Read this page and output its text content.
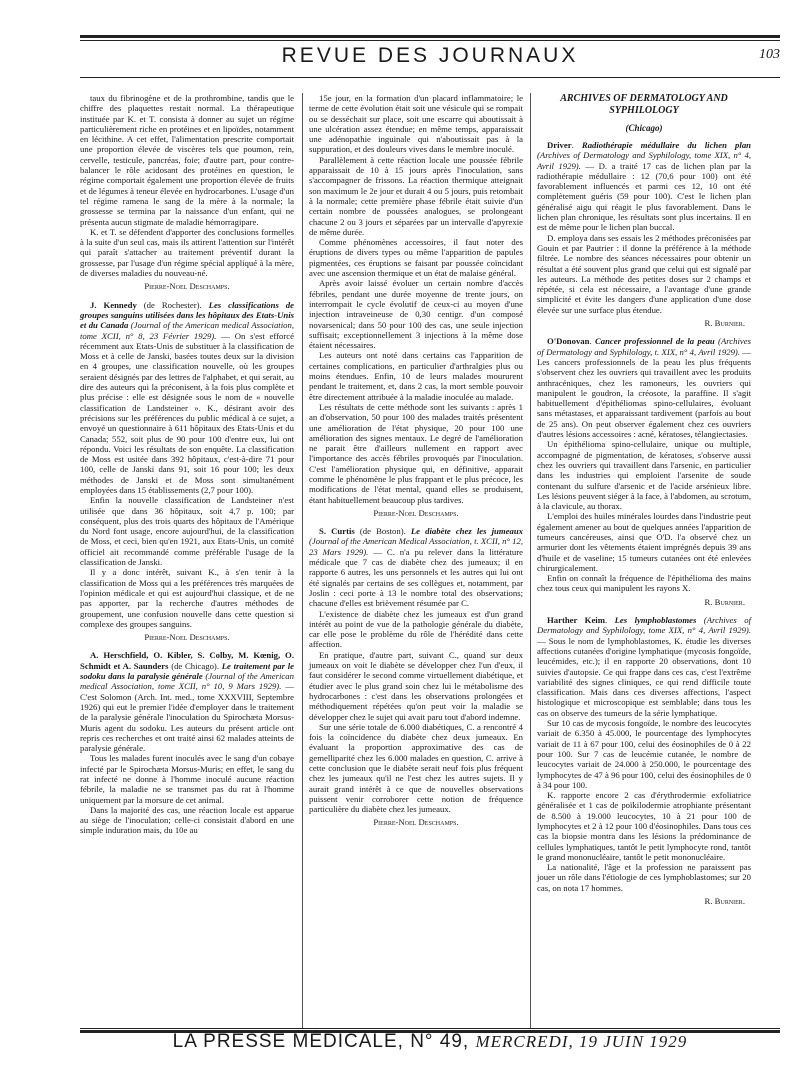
REVUE DES JOURNAUX	103

taux du fibrinogène et de la prothrombine, tandis que le chiffre des plaquettes restait normal. La thérapeutique instituée par K. et T. consista à donner au sujet un régime particulièrement riche en protéines et en lipoïdes, notamment en lécithine. A cet effet, l'alimentation prescrite comportait une proportion élevée de viscères tels que poumon, rein, cervelle, testicule, pancréas, foie; d'autre part, pour contre-balancer le rôle acidosant des protéines en question, le régime comportait également une proportion élevée de fruits et de légumes à teneur élevée en hydrocarbones. L'usage d'un tel régime ramena le sang de la mère à la normale; la grossesse se termina par la naissance d'un enfant, qui ne présenta aucun stigmate de maladie hémorragipare.

K. et T. se défendent d'apporter des conclusions formelles à la suite d'un seul cas, mais ils attirent l'attention sur l'intérêt qui paraît s'attacher au traitement préventif durant la grossesse, par l'usage d'un régime spécial appliqué à la mère, de diverses maladies du nouveau-né.

Pierre-Noel Deschamps.

J. Kennedy (de Rochester). Les classifications de groupes sanguins utilisées dans les hôpitaux des Etats-Unis et du Canada (Journal of the American medical Association, tome XCII, n° 8, 23 Février 1929). — On s'est efforcé récemment aux Etats-Unis de substituer à la classification de Moss et à celle de Janski, basées toutes deux sur la division en 4 groupes, une classification nouvelle, où les groupes seraient désignés par des lettres de l'alphabet, et qui serait, au dire des auteurs qui la préconisent, à la fois plus complète et plus précise : elle est désignée sous le nom de « nouvelle classification de Landsteiner ». K., désirant avoir des précisions sur les préférences du public médical à ce sujet, a envoyé un questionnaire à 611 hôpitaux des Etats-Unis et du Canada; 552, soit plus de 90 pour 100 d'entre eux, lui ont répondu. Voici les résultats de son enquête. La classification de Moss est usitée dans 392 hôpitaux, c'est-à-dire 71 pour 100, celle de Janski dans 91, soit 16 pour 100; les deux méthodes de Janski et de Moss sont simultanément employées dans 15 établissements (2,7 pour 100).

Enfin la nouvelle classification de Landsteiner n'est utilisée que dans 36 hôpitaux, soit 4,7 p. 100; par conséquent, plus des trois quarts des hôpitaux de l'Amérique du Nord font usage, encore aujourd'hui, de la classification de Moss, et ceci, bien qu'en 1921, aux Etats-Unis, un comité officiel ait recommandé comme préférable l'usage de la classification de Janski.

Il y a donc intérêt, suivant K., à s'en tenir à la classification de Moss qui a les préférences très marquées de l'opinion médicale et qui est aujourd'hui classique, et de ne pas apporter, par la recherche d'autres méthodes de groupement, une confusion nouvelle dans cette question si complexe des groupes sanguins.

Pierre-Noel Deschamps.

A. Herschfield, O. Kibler, S. Colby, M. Kœnig, O. Schmidt et A. Saunders (de Chicago). Le traitement par le sodoku dans la paralysie générale (Journal of the American medical Association, tome XCII, n° 10, 9 Mars 1929). — C'est Solomon (Arch. Int. med., tome XXXVIII, Septembre 1926) qui eut le premier l'idée d'employer dans le traitement de la paralysie générale l'inoculation du Spirochæta Morsus-Muris agent du sodoku. Les auteurs du présent article ont repris ces recherches et ont traité ainsi 62 malades atteints de paralysie générale.

Tous les malades furent inoculés avec le sang d'un cobaye infecté par le Spirochæta Morsus-Muris; en effet, le sang du rat infecté ne donne à l'homme inoculé aucune réaction fébrile, la maladie ne se transmet pas du rat à l'homme uniquement par la morsure de cet animal.

Dans la majorité des cas, une réaction locale est apparue au siège de l'inoculation; celle-ci consistait d'abord en une simple induration mais, du 10e au

15e jour, en la formation d'un placard inflammatoire; le terme de cette évolution était soit une vésicule qui se rompait ou se desséchait sur place, soit une escarre qui aboutissait à une ulcération assez étendue; en même temps, apparaissait une adénopathie inguinale qui n'aboutissait pas à la suppuration, et des douleurs vives dans le membre inoculé.

Parallèlement à cette réaction locale une poussée fébrile apparaissait de 10 à 15 jours après l'inoculation, sans s'accompagner de frissons. La réaction thermique atteignait son maximum le 2e jour et durait 4 ou 5 jours, puis retombait à la normale; cette première phase fébrile était suivie d'un certain nombre de poussées analogues, se prolongeant chacune 2 ou 3 jours et séparées par un intervalle d'apyrexie de même durée.

Comme phénomènes accessoires, il faut noter des éruptions de divers types ou même l'apparition de papules pigmentées, ces éruptions se faisant par poussée coïncidant avec une ascension thermique et un état de malaise général.

Après avoir laissé évoluer un certain nombre d'accès fébriles, pendant une durée moyenne de trente jours, on interrompait le cycle évolutif de ceux-ci au moyen d'une injection intraveineuse de 0,30 centigr. d'un composé novarsenical; dans 50 pour 100 des cas, une seule injection suffisait; exceptionnellement 3 injections à la même dose étaient nécessaires.

Les auteurs ont noté dans certains cas l'apparition de certaines complications, en particulier d'arthralgies plus ou moins étendues. Enfin, 10 de leurs malades moururent pendant le traitement, et, dans 2 cas, la mort semble pouvoir être directement attribuée à la maladie inoculée au malade.

Les résultats de cette méthode sont les suivants : après 1 an d'observation, 50 pour 100 des malades traités présentent une amélioration de l'état physique, 20 pour 100 une amélioration des signes mentaux. Le degré de l'amélioration ne parait être d'ailleurs nullement en rapport avec l'importance des accès fébriles provoqués par l'inoculation. C'est l'amélioration physique qui, en définitive, apparait comme le phénomène le plus frappant et le plus précoce, les modifications de l'état mental, quand elles se produisent, étant habituellement beaucoup plus tardives.

Pierre-Noel Deschamps.

S. Curtis (de Boston). Le diabète chez les jumeaux (Journal of the American Medical Association, t. XCII, n° 12, 23 Mars 1929). — C. n'a pu relever dans la littérature médicale que 7 cas de diabète chez des jumeaux; il en rapporte 6 autres, les uns personnels et les autres qui lui ont été signalés par certains de ses collègues et, notamment, par Joslin : ceci porte à 13 le nombre total des observations; chacune d'elles est brièvement résumée par C.

L'existence de diabète chez les jumeaux est d'un grand intérêt au point de vue de la pathologie générale du diabète, car elle pose le problème du rôle de l'hérédité dans cette affection.

En pratique, d'autre part, suivant C., quand sur deux jumeaux on voit le diabète se développer chez l'un d'eux, il faut considérer le second comme virtuellement diabétique, et étudier avec le plus grand soin chez lui le métabolisme des hydrocarbones : c'est dans les observations prolongées et méthodiquement répétées qu'on peut voir la maladie se développer chez le sujet qui avait paru tout d'abord indemne.

Sur une série totale de 6.000 diabétiques, C. a rencontré 4 fois la coïncidence du diabète chez deux jumeaux. En évaluant la proportion approximative des cas de gemelliparité chez les 6.000 malades en question, C. arrive à cette conclusion que le diabète serait neuf fois plus fréquent chez les jumeaux qu'il ne l'est chez les autres sujets. Il y aurait grand intérêt à ce que de nouvelles observations puissent venir corroborer cette notion de fréquence particulière du diabète chez les jumeaux.

Pierre-Noel Deschamps.
ARCHIVES OF DERMATOLOGY AND SYPHILOLOGY
(Chicago)

Driver. Radiothérapie médullaire du lichen plan (Archives of Dermatology and Syphilology, tome XIX, n° 4, Avril 1929). — D. a traité 17 cas de lichen plan par la radiothérapie médullaire : 12 (70,6 pour 100) ont été favorablement influencés et parmi ces 12, 10 ont été complètement guéris (59 pour 100). C'est le lichen plan généralisé aigu qui réagit le plus favorablement. Dans le lichen plan chronique, les résultats sont plus incertains. Il en est de même pour le lichen plan buccal.

D. employa dans ses essais les 2 méthodes préconisées par Gouin et par Pautrier : il donne la préférence à la méthode filtrée. Le nombre des séances nécessaires pour obtenir un résultat a été souvent plus grand que celui qui est signalé par les auteurs. La méthode des petites doses sur 2 champs et répétée, si cela est nécessaire, a l'avantage d'une grande simplicité et évite les dangers d'une application d'une dose élevée sur une surface plus étendue.

R. Burnier.

O'Donovan. Cancer professionnel de la peau (Archives of Dermatology and Syphilology, t. XIX, n° 4, Avril 1929). — Les cancers professionnels de la peau les plus fréquents s'observent chez les ouvriers qui travaillent avec les produits anthracéniques, chez les ramoneurs, les ouvriers qui manipulent le goudron, la créosote, la paraffine. Il s'agit habituellement d'épithéliomas spino-cellulaires, évoluant sans métastases, et apparaissant tardivement (parfois au bout de 25 ans). On peut observer également chez ces ouvriers d'autres lésions accessoires : acné, kératoses, télangiectasies.

Un épithélioma spino-cellulaire, unique ou multiple, accompagné de pigmentation, de kératoses, s'observe aussi chez les ouvriers qui travaillent dans l'arsenic, en particulier dans les industries qui emploient l'arsenite de soude contenant du sulfure d'arsenic et de l'acide arsénieux libre. Les lésions peuvent siéger à la face, à l'abdomen, au scrotum, à la clavicule, au thorax.

L'emploi des huiles minérales lourdes dans l'industrie peut également amener au bout de quelques années l'apparition de tumeurs cancéreuses, ainsi que O'D. l'a observé chez un armurier dont les vêtements étaient imprégnés depuis 39 ans d'huile et de vaseline; 15 tumeurs cutanées ont été enlevées chirurgicalement.

Enfin on connaît la fréquence de l'épithélioma des mains chez tous ceux qui manipulent les rayons X.

R. Burnier.

Harther Keim. Les lymphoblastomes (Archives of Dermatology and Syphilology, tome XIX, n° 4, Avril 1929). — Sous le nom de lymphoblastomes, K. étudie les diverses affections cutanées d'origine lymphatique (mycosis fongoïde, leucémides, etc.); il en rapporte 20 observations, dont 10 suivies d'autopsie. Ce qui frappe dans ces cas, c'est l'extrême variabilité des signes cliniques, ce qui rend difficile toute classification. Mais dans ces diverses affections, l'aspect histologique et microscopique est semblable; dans tous les cas on observe des tumeurs de la série lymphatique.

Sur 10 cas de mycosis fongoïde, le nombre des leucocytes variait de 6.350 à 45.000, le pourcentage des lymphocytes variait de 11 à 67 pour 100, celui des éosinophiles de 0 à 22 pour 100. Sur 7 cas de leucémie cutanée, le nombre de leucocytes variait de 24.000 à 250.000, le pourcentage des lymphocytes de 47 à 96 pour 100, celui des éosinophiles de 0 à 34 pour 100.

K. rapporte encore 2 cas d'érythrodermie exfoliatrice généralisée et 1 cas de poïkilodermie atrophiante présentant de 8.500 à 19.000 leucocytes, 10 à 21 pour 100 de lymphocytes et 2 à 12 pour 100 d'éosinophiles. Dans tous ces cas la biopsie montra dans les lésions la prédominance de cellules lymphatiques, tantôt le petit lymphocyte rond, tantôt le grand mononucléaire, tantôt le petit mononucléaire.

La nationalité, l'âge et la profession ne paraissent pas jouer un rôle dans l'étiologie de ces lymphoblastomes; sur 20 cas, on nota 17 hommes.

R. Burnier.
LA PRESSE MÉDICALE, N° 49, MERCREDI, 19 JUIN 1929
